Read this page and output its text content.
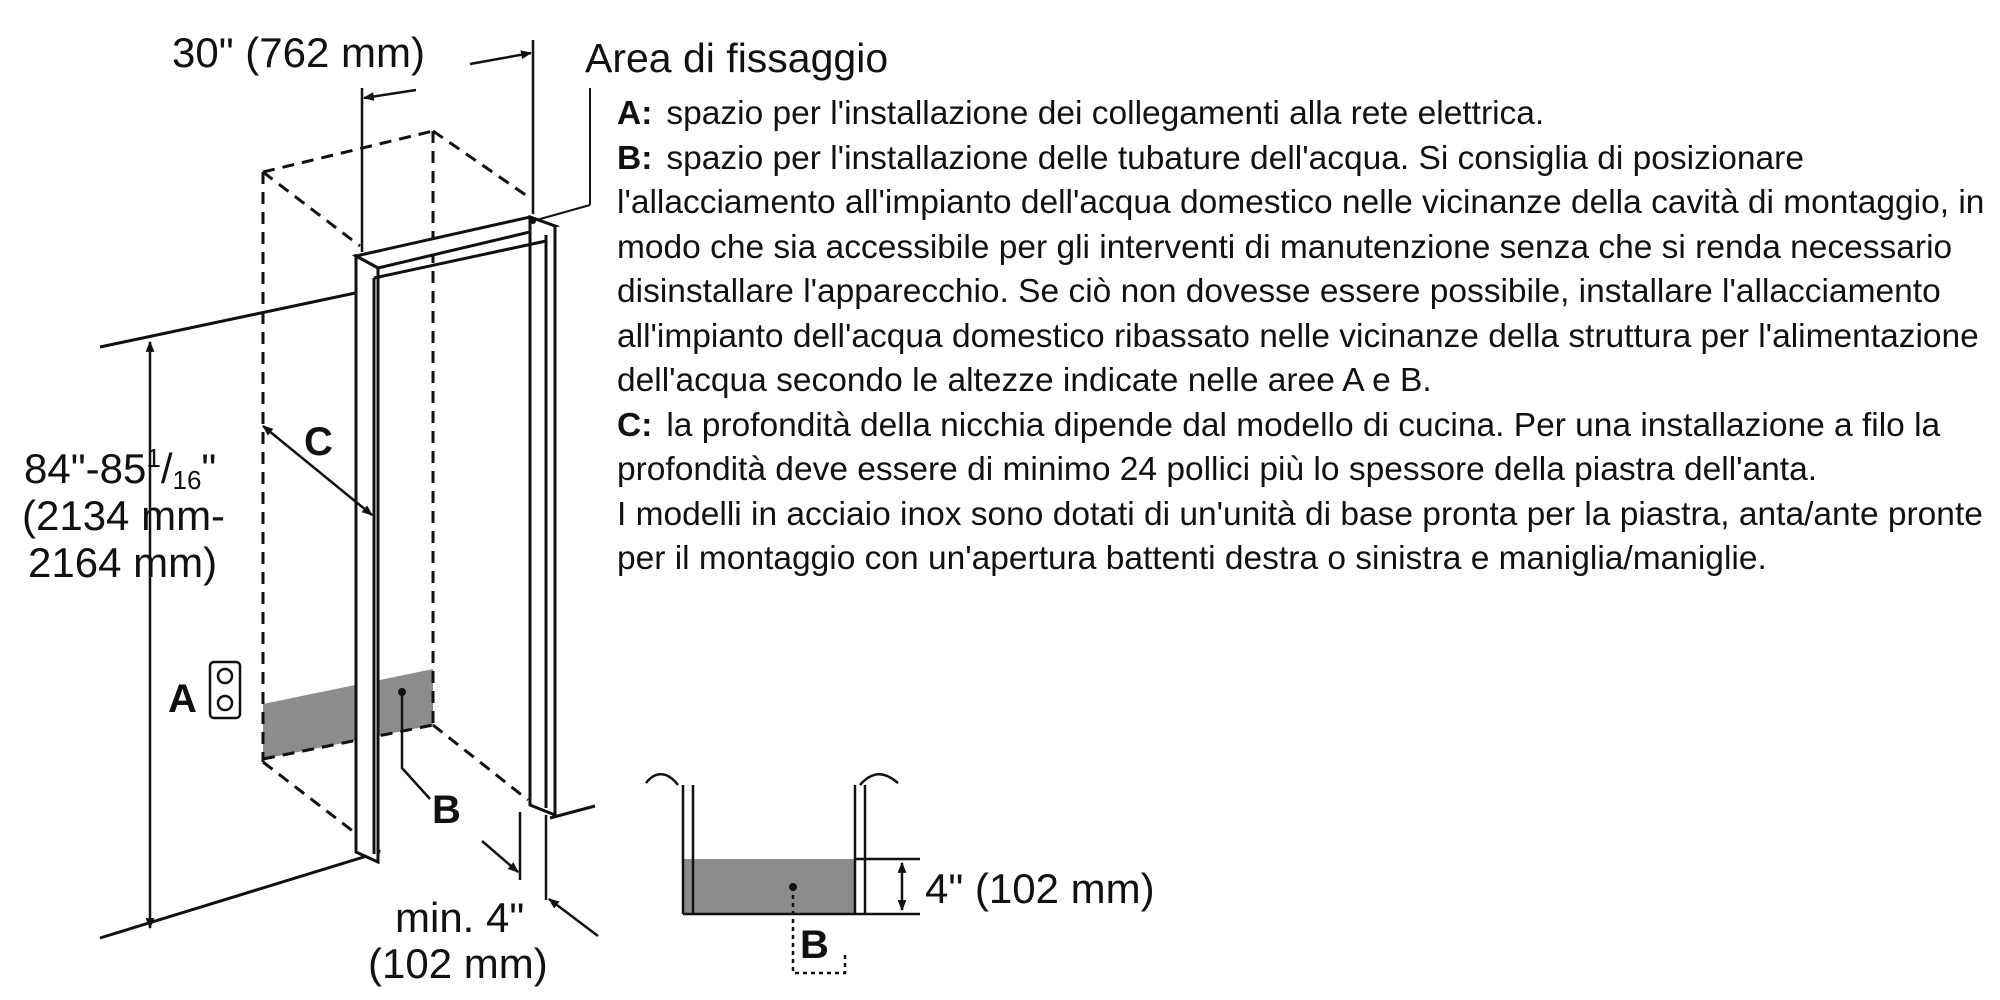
30" (762 mm)	Area di fissaggio
$84"-85^1/16$"
(2134 mm-
2164 mm)
C
A
B
min. 4"
(102 mm)
4" (102 mm)
B

A: spazio per l'installazione dei collegamenti alla rete elettrica.

B: spazio per l'installazione delle tubature dell'acqua. Si consiglia di posizionare l'allacciamento all'impianto dell'acqua domestico nelle vicinanze della cavità di montaggio, in modo che sia accessibile per gli interventi di manutenzione senza che si renda necessario disinstallare l'apparecchio. Se ciò non dovesse essere possibile, installare l'allacciamento all'impianto dell'acqua domestico ribassato nelle vicinanze della struttura per l'alimentazione dell'acqua secondo le altezze indicate nelle aree A e B.

C: la profondità della nicchia dipende dal modello di cucina. Per una installazione a filo la profondità deve essere di minimo 24 pollici più lo spessore della piastra dell'anta.

I modelli in acciaio inox sono dotati di un'unità di base pronta per la piastra, anta/ante pronte per il montaggio con un'apertura battenti destra o sinistra e maniglia/maniglie.
